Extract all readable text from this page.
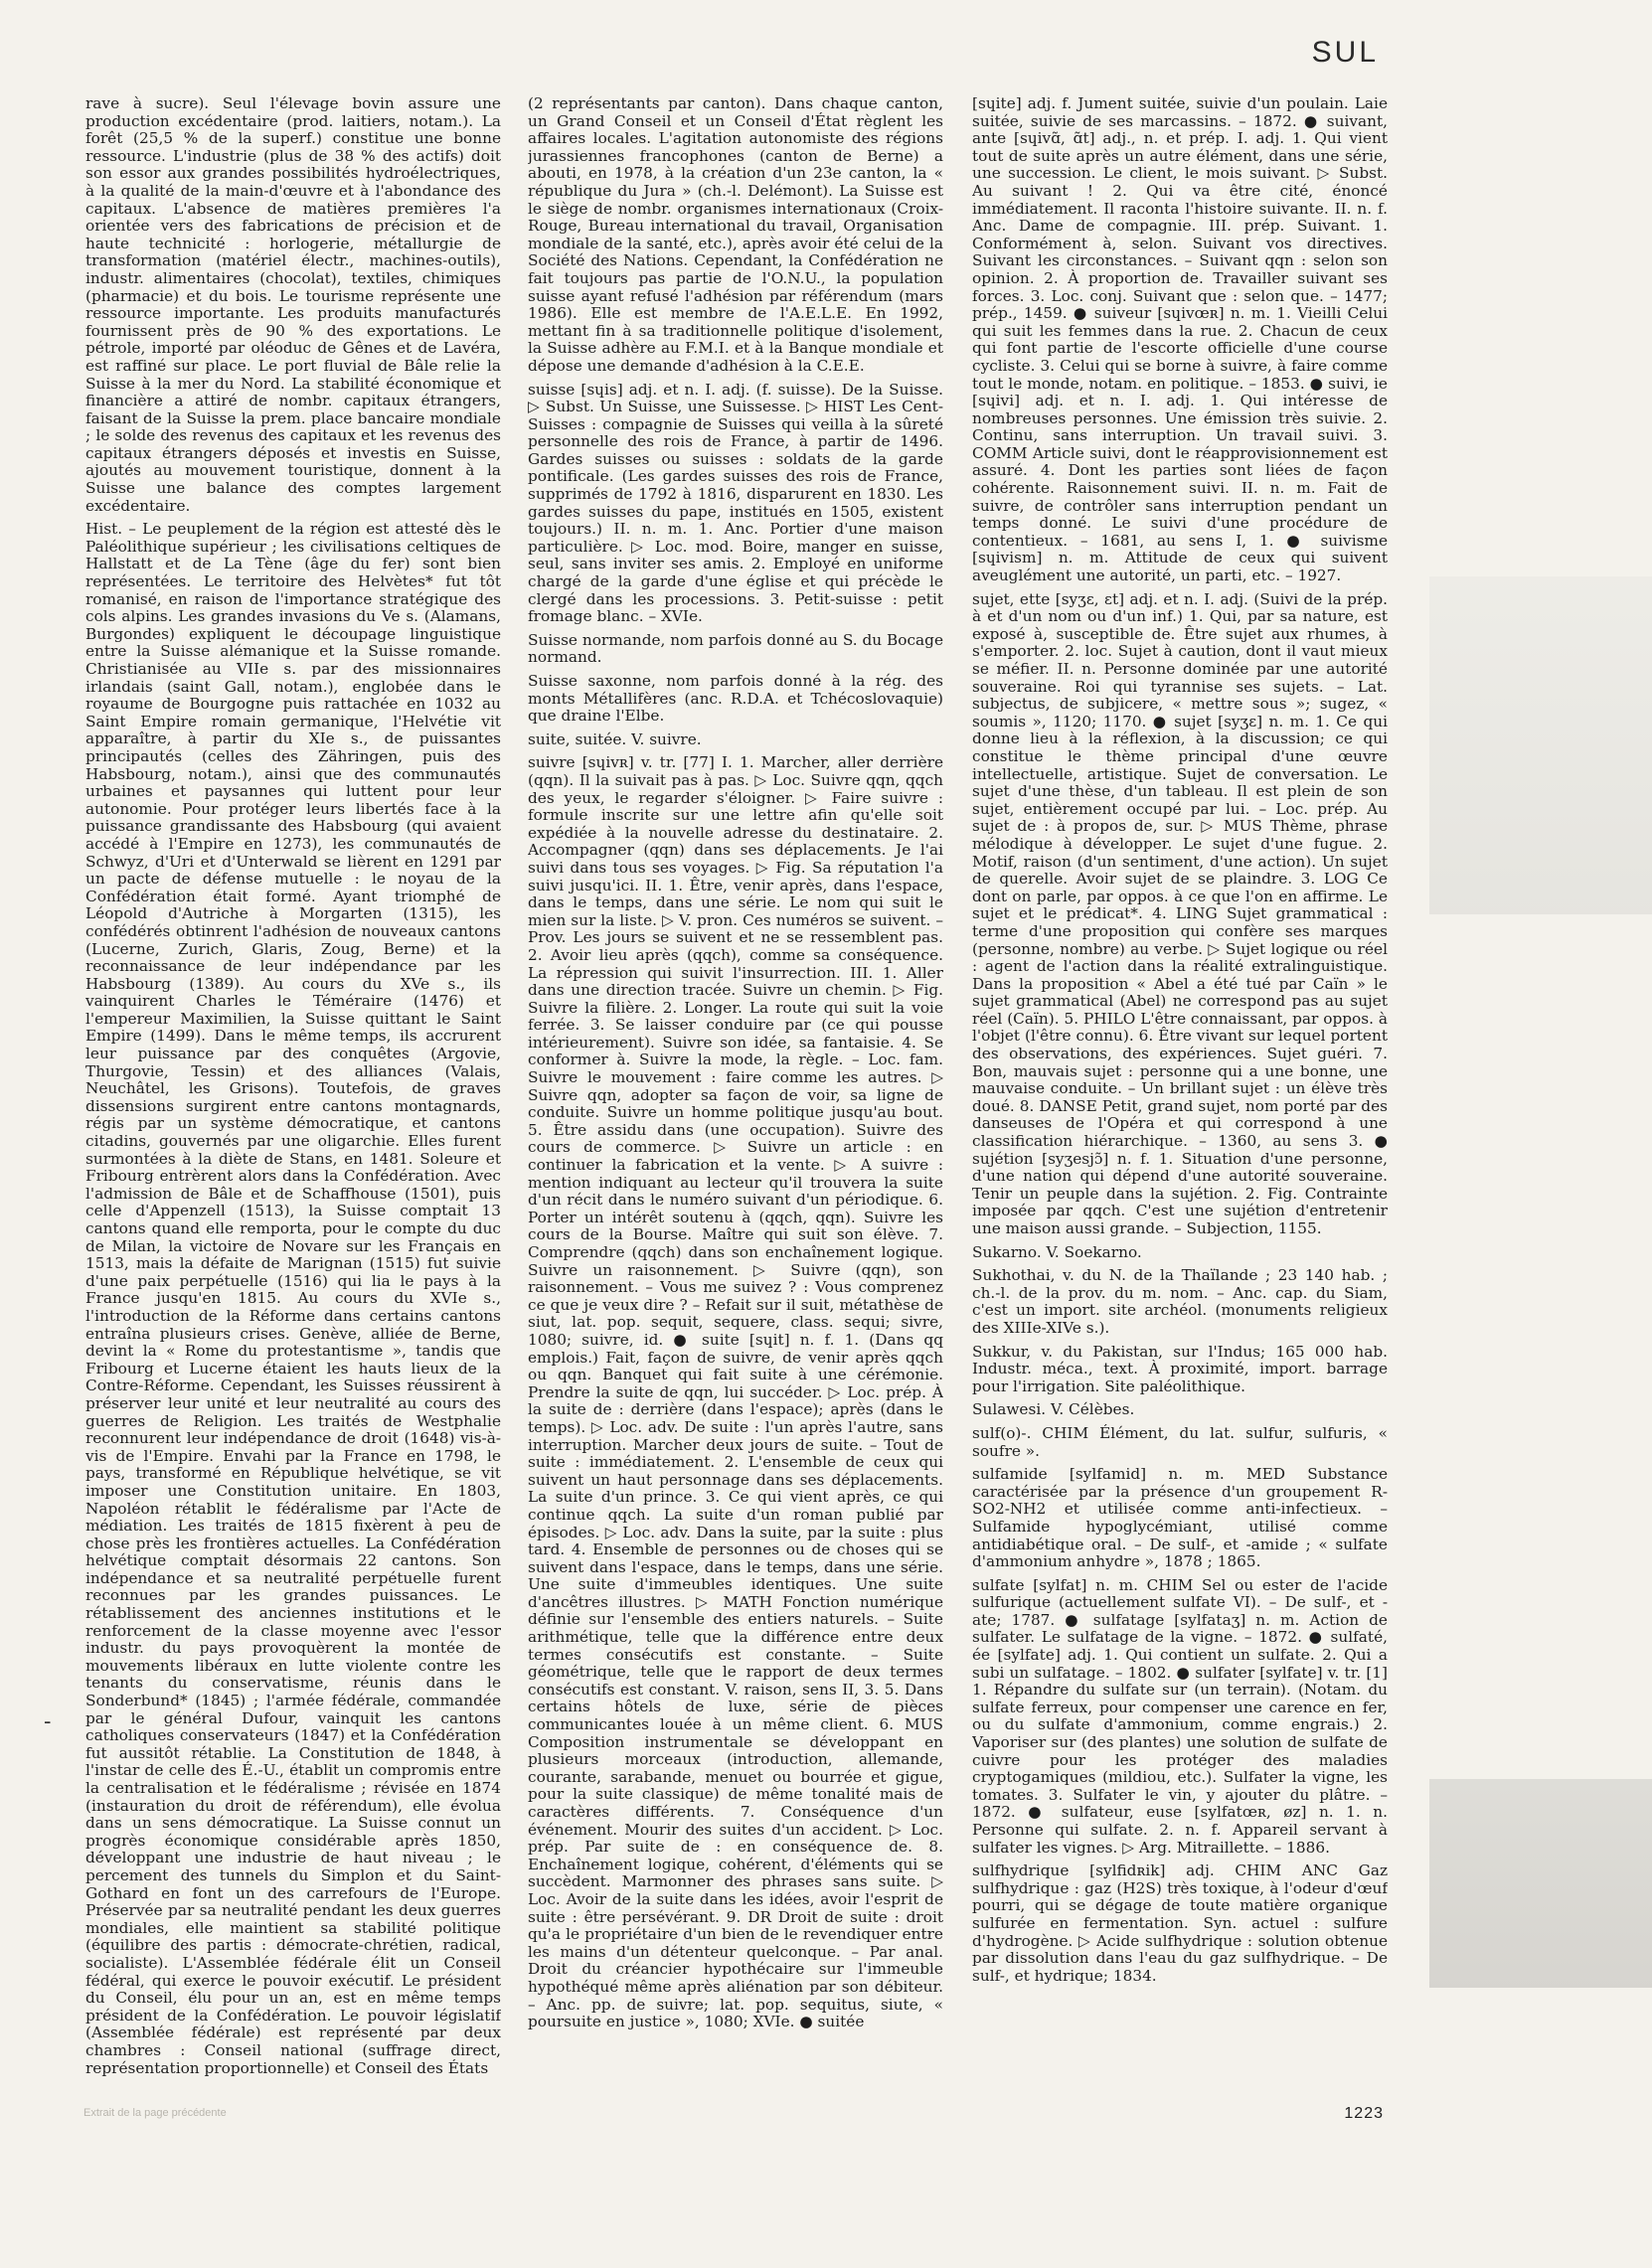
SUL
-

rave à sucre). Seul l'élevage bovin assure une production excédentaire (prod. laitiers, notam.). La forêt (25,5 % de la superf.) constitue une bonne ressource. L'industrie (plus de 38 % des actifs) doit son essor aux grandes possibilités hydroélectriques, à la qualité de la main-d'œuvre et à l'abondance des capitaux. L'absence de matières premières l'a orientée vers des fabrications de précision et de haute technicité : horlogerie, métallurgie de transformation (matériel électr., machines-outils), industr. alimentaires (chocolat), textiles, chimiques (pharmacie) et du bois. Le tourisme représente une ressource importante. Les produits manufacturés fournissent près de 90 % des exportations. Le pétrole, importé par oléoduc de Gênes et de Lavéra, est raffiné sur place. Le port fluvial de Bâle relie la Suisse à la mer du Nord. La stabilité économique et financière a attiré de nombr. capitaux étrangers, faisant de la Suisse la prem. place bancaire mondiale ; le solde des revenus des capitaux et les revenus des capitaux étrangers déposés et investis en Suisse, ajoutés au mouvement touristique, donnent à la Suisse une balance des comptes largement excédentaire.

Hist. – Le peuplement de la région est attesté dès le Paléolithique supérieur ; les civilisations celtiques de Hallstatt et de La Tène (âge du fer) sont bien représentées. Le territoire des Helvètes* fut tôt romanisé, en raison de l'importance stratégique des cols alpins. Les grandes invasions du Ve s. (Alamans, Burgondes) expliquent le découpage linguistique entre la Suisse alémanique et la Suisse romande. Christianisée au VIIe s. par des missionnaires irlandais (saint Gall, notam.), englobée dans le royaume de Bourgogne puis rattachée en 1032 au Saint Empire romain germanique, l'Helvétie vit apparaître, à partir du XIe s., de puissantes principautés (celles des Zähringen, puis des Habsbourg, notam.), ainsi que des communautés urbaines et paysannes qui luttent pour leur autonomie. Pour protéger leurs libertés face à la puissance grandissante des Habsbourg (qui avaient accédé à l'Empire en 1273), les communautés de Schwyz, d'Uri et d'Unterwald se lièrent en 1291 par un pacte de défense mutuelle : le noyau de la Confédération était formé. Ayant triomphé de Léopold d'Autriche à Morgarten (1315), les confédérés obtinrent l'adhésion de nouveaux cantons (Lucerne, Zurich, Glaris, Zoug, Berne) et la reconnaissance de leur indépendance par les Habsbourg (1389). Au cours du XVe s., ils vainquirent Charles le Téméraire (1476) et l'empereur Maximilien, la Suisse quittant le Saint Empire (1499). Dans le même temps, ils accrurent leur puissance par des conquêtes (Argovie, Thurgovie, Tessin) et des alliances (Valais, Neuchâtel, les Grisons). Toutefois, de graves dissensions surgirent entre cantons montagnards, régis par un système démocratique, et cantons citadins, gouvernés par une oligarchie. Elles furent surmontées à la diète de Stans, en 1481. Soleure et Fribourg entrèrent alors dans la Confédération. Avec l'admission de Bâle et de Schaffhouse (1501), puis celle d'Appenzell (1513), la Suisse comptait 13 cantons quand elle remporta, pour le compte du duc de Milan, la victoire de Novare sur les Français en 1513, mais la défaite de Marignan (1515) fut suivie d'une paix perpétuelle (1516) qui lia le pays à la France jusqu'en 1815. Au cours du XVIe s., l'introduction de la Réforme dans certains cantons entraîna plusieurs crises. Genève, alliée de Berne, devint la « Rome du protestantisme », tandis que Fribourg et Lucerne étaient les hauts lieux de la Contre-Réforme. Cependant, les Suisses réussirent à préserver leur unité et leur neutralité au cours des guerres de Religion. Les traités de Westphalie reconnurent leur indépendance de droit (1648) vis-à-vis de l'Empire. Envahi par la France en 1798, le pays, transformé en République helvétique, se vit imposer une Constitution unitaire. En 1803, Napoléon rétablit le fédéralisme par l'Acte de médiation. Les traités de 1815 fixèrent à peu de chose près les frontières actuelles. La Confédération helvétique comptait désormais 22 cantons. Son indépendance et sa neutralité perpétuelle furent reconnues par les grandes puissances. Le rétablissement des anciennes institutions et le renforcement de la classe moyenne avec l'essor industr. du pays provoquèrent la montée de mouvements libéraux en lutte violente contre les tenants du conservatisme, réunis dans le Sonderbund* (1845) ; l'armée fédérale, commandée par le général Dufour, vainquit les cantons catholiques conservateurs (1847) et la Confédération fut aussitôt rétablie. La Constitution de 1848, à l'instar de celle des É.-U., établit un compromis entre la centralisation et le fédéralisme ; révisée en 1874 (instauration du droit de référendum), elle évolua dans un sens démocratique. La Suisse connut un progrès économique considérable après 1850, développant une industrie de haut niveau ; le percement des tunnels du Simplon et du Saint-Gothard en font un des carrefours de l'Europe. Préservée par sa neutralité pendant les deux guerres mondiales, elle maintient sa stabilité politique (équilibre des partis : démocrate-chrétien, radical, socialiste). L'Assemblée fédérale élit un Conseil fédéral, qui exerce le pouvoir exécutif. Le président du Conseil, élu pour un an, est en même temps président de la Confédération. Le pouvoir législatif (Assemblée fédérale) est représenté par deux chambres : Conseil national (suffrage direct, représentation proportionnelle) et Conseil des États

(2 représentants par canton). Dans chaque canton, un Grand Conseil et un Conseil d'État règlent les affaires locales. L'agitation autonomiste des régions jurassiennes francophones (canton de Berne) a abouti, en 1978, à la création d'un 23e canton, la « république du Jura » (ch.-l. Delémont). La Suisse est le siège de nombr. organismes internationaux (Croix-Rouge, Bureau international du travail, Organisation mondiale de la santé, etc.), après avoir été celui de la Société des Nations. Cependant, la Confédération ne fait toujours pas partie de l'O.N.U., la population suisse ayant refusé l'adhésion par référendum (mars 1986). Elle est membre de l'A.E.L.E. En 1992, mettant fin à sa traditionnelle politique d'isolement, la Suisse adhère au F.M.I. et à la Banque mondiale et dépose une demande d'adhésion à la C.E.E.

suisse [sɥis] adj. et n. I. adj. (f. suisse). De la Suisse. ▷ Subst. Un Suisse, une Suissesse. ▷ HIST Les Cent-Suisses : compagnie de Suisses qui veilla à la sûreté personnelle des rois de France, à partir de 1496. Gardes suisses ou suisses : soldats de la garde pontificale. (Les gardes suisses des rois de France, supprimés de 1792 à 1816, disparurent en 1830. Les gardes suisses du pape, institués en 1505, existent toujours.) II. n. m. 1. Anc. Portier d'une maison particulière. ▷ Loc. mod. Boire, manger en suisse, seul, sans inviter ses amis. 2. Employé en uniforme chargé de la garde d'une église et qui précède le clergé dans les processions. 3. Petit-suisse : petit fromage blanc. – XVIe.

Suisse normande, nom parfois donné au S. du Bocage normand.

Suisse saxonne, nom parfois donné à la rég. des monts Métallifères (anc. R.D.A. et Tchécoslovaquie) que draine l'Elbe.

suite, suitée. V. suivre.

suivre [sɥivʀ] v. tr. [77] I. 1. Marcher, aller derrière (qqn). Il la suivait pas à pas. ▷ Loc. Suivre qqn, qqch des yeux, le regarder s'éloigner. ▷ Faire suivre : formule inscrite sur une lettre afin qu'elle soit expédiée à la nouvelle adresse du destinataire. 2. Accompagner (qqn) dans ses déplacements. Je l'ai suivi dans tous ses voyages. ▷ Fig. Sa réputation l'a suivi jusqu'ici. II. 1. Être, venir après, dans l'espace, dans le temps, dans une série. Le nom qui suit le mien sur la liste. ▷ V. pron. Ces numéros se suivent. – Prov. Les jours se suivent et ne se ressemblent pas. 2. Avoir lieu après (qqch), comme sa conséquence. La répression qui suivit l'insurrection. III. 1. Aller dans une direction tracée. Suivre un chemin. ▷ Fig. Suivre la filière. 2. Longer. La route qui suit la voie ferrée. 3. Se laisser conduire par (ce qui pousse intérieurement). Suivre son idée, sa fantaisie. 4. Se conformer à. Suivre la mode, la règle. – Loc. fam. Suivre le mouvement : faire comme les autres. ▷ Suivre qqn, adopter sa façon de voir, sa ligne de conduite. Suivre un homme politique jusqu'au bout. 5. Être assidu dans (une occupation). Suivre des cours de commerce. ▷ Suivre un article : en continuer la fabrication et la vente. ▷ A suivre : mention indiquant au lecteur qu'il trouvera la suite d'un récit dans le numéro suivant d'un périodique. 6. Porter un intérêt soutenu à (qqch, qqn). Suivre les cours de la Bourse. Maître qui suit son élève. 7. Comprendre (qqch) dans son enchaînement logique. Suivre un raisonnement. ▷ Suivre (qqn), son raisonnement. – Vous me suivez ? : Vous comprenez ce que je veux dire ? – Refait sur il suit, métathèse de siut, lat. pop. sequit, sequere, class. sequi; sivre, 1080; suivre, id. ● suite [sɥit] n. f. 1. (Dans qq emplois.) Fait, façon de suivre, de venir après qqch ou qqn. Banquet qui fait suite à une cérémonie. Prendre la suite de qqn, lui succéder. ▷ Loc. prép. À la suite de : derrière (dans l'espace); après (dans le temps). ▷ Loc. adv. De suite : l'un après l'autre, sans interruption. Marcher deux jours de suite. – Tout de suite : immédiatement. 2. L'ensemble de ceux qui suivent un haut personnage dans ses déplacements. La suite d'un prince. 3. Ce qui vient après, ce qui continue qqch. La suite d'un roman publié par épisodes. ▷ Loc. adv. Dans la suite, par la suite : plus tard. 4. Ensemble de personnes ou de choses qui se suivent dans l'espace, dans le temps, dans une série. Une suite d'immeubles identiques. Une suite d'ancêtres illustres. ▷ MATH Fonction numérique définie sur l'ensemble des entiers naturels. – Suite arithmétique, telle que la différence entre deux termes consécutifs est constante. – Suite géométrique, telle que le rapport de deux termes consécutifs est constant. V. raison, sens II, 3. 5. Dans certains hôtels de luxe, série de pièces communicantes louée à un même client. 6. MUS Composition instrumentale se développant en plusieurs morceaux (introduction, allemande, courante, sarabande, menuet ou bourrée et gigue, pour la suite classique) de même tonalité mais de caractères différents. 7. Conséquence d'un événement. Mourir des suites d'un accident. ▷ Loc. prép. Par suite de : en conséquence de. 8. Enchaînement logique, cohérent, d'éléments qui se succèdent. Marmonner des phrases sans suite. ▷ Loc. Avoir de la suite dans les idées, avoir l'esprit de suite : être persévérant. 9. DR Droit de suite : droit qu'a le propriétaire d'un bien de le revendiquer entre les mains d'un détenteur quelconque. – Par anal. Droit du créancier hypothécaire sur l'immeuble hypothéqué même après aliénation par son débiteur. – Anc. pp. de suivre; lat. pop. sequitus, siute, « poursuite en justice », 1080; XVIe. ● suitée

[sɥite] adj. f. Jument suitée, suivie d'un poulain. Laie suitée, suivie de ses marcassins. – 1872. ● suivant, ante [sɥivɑ̃, ɑ̃t] adj., n. et prép. I. adj. 1. Qui vient tout de suite après un autre élément, dans une série, une succession. Le client, le mois suivant. ▷ Subst. Au suivant ! 2. Qui va être cité, énoncé immédiatement. Il raconta l'histoire suivante. II. n. f. Anc. Dame de compagnie. III. prép. Suivant. 1. Conformément à, selon. Suivant vos directives. Suivant les circonstances. – Suivant qqn : selon son opinion. 2. À proportion de. Travailler suivant ses forces. 3. Loc. conj. Suivant que : selon que. – 1477; prép., 1459. ● suiveur [sɥivœʀ] n. m. 1. Vieilli Celui qui suit les femmes dans la rue. 2. Chacun de ceux qui font partie de l'escorte officielle d'une course cycliste. 3. Celui qui se borne à suivre, à faire comme tout le monde, notam. en politique. – 1853. ● suivi, ie [sɥivi] adj. et n. I. adj. 1. Qui intéresse de nombreuses personnes. Une émission très suivie. 2. Continu, sans interruption. Un travail suivi. 3. COMM Article suivi, dont le réapprovisionnement est assuré. 4. Dont les parties sont liées de façon cohérente. Raisonnement suivi. II. n. m. Fait de suivre, de contrôler sans interruption pendant un temps donné. Le suivi d'une procédure de contentieux. – 1681, au sens I, 1. ● suivisme [sɥivism] n. m. Attitude de ceux qui suivent aveuglément une autorité, un parti, etc. – 1927.

sujet, ette [syʒɛ, ɛt] adj. et n. I. adj. (Suivi de la prép. à et d'un nom ou d'un inf.) 1. Qui, par sa nature, est exposé à, susceptible de. Être sujet aux rhumes, à s'emporter. 2. loc. Sujet à caution, dont il vaut mieux se méfier. II. n. Personne dominée par une autorité souveraine. Roi qui tyrannise ses sujets. – Lat. subjectus, de subjicere, « mettre sous »; sugez, « soumis », 1120; 1170. ● sujet [syʒɛ] n. m. 1. Ce qui donne lieu à la réflexion, à la discussion; ce qui constitue le thème principal d'une œuvre intellectuelle, artistique. Sujet de conversation. Le sujet d'une thèse, d'un tableau. Il est plein de son sujet, entièrement occupé par lui. – Loc. prép. Au sujet de : à propos de, sur. ▷ MUS Thème, phrase mélodique à développer. Le sujet d'une fugue. 2. Motif, raison (d'un sentiment, d'une action). Un sujet de querelle. Avoir sujet de se plaindre. 3. LOG Ce dont on parle, par oppos. à ce que l'on en affirme. Le sujet et le prédicat*. 4. LING Sujet grammatical : terme d'une proposition qui confère ses marques (personne, nombre) au verbe. ▷ Sujet logique ou réel : agent de l'action dans la réalité extralinguistique. Dans la proposition « Abel a été tué par Caïn » le sujet grammatical (Abel) ne correspond pas au sujet réel (Caïn). 5. PHILO L'être connaissant, par oppos. à l'objet (l'être connu). 6. Être vivant sur lequel portent des observations, des expériences. Sujet guéri. 7. Bon, mauvais sujet : personne qui a une bonne, une mauvaise conduite. – Un brillant sujet : un élève très doué. 8. DANSE Petit, grand sujet, nom porté par des danseuses de l'Opéra et qui correspond à une classification hiérarchique. – 1360, au sens 3. ● sujétion [syʒesjɔ̃] n. f. 1. Situation d'une personne, d'une nation qui dépend d'une autorité souveraine. Tenir un peuple dans la sujétion. 2. Fig. Contrainte imposée par qqch. C'est une sujétion d'entretenir une maison aussi grande. – Subjection, 1155.

Sukarno. V. Soekarno.

Sukhothai, v. du N. de la Thaïlande ; 23 140 hab. ; ch.-l. de la prov. du m. nom. – Anc. cap. du Siam, c'est un import. site archéol. (monuments religieux des XIIIe-XIVe s.).

Sukkur, v. du Pakistan, sur l'Indus; 165 000 hab. Industr. méca., text. À proximité, import. barrage pour l'irrigation. Site paléolithique.

Sulawesi. V. Célèbes.

sulf(o)-. CHIM Élément, du lat. sulfur, sulfuris, « soufre ».

sulfamide [sylfamid] n. m. MED Substance caractérisée par la présence d'un groupement R-SO2-NH2 et utilisée comme anti-infectieux. – Sulfamide hypoglycémiant, utilisé comme antidiabétique oral. – De sulf-, et -amide ; « sulfate d'ammonium anhydre », 1878 ; 1865.

sulfate [sylfat] n. m. CHIM Sel ou ester de l'acide sulfurique (actuellement sulfate VI). – De sulf-, et -ate; 1787. ● sulfatage [sylfataʒ] n. m. Action de sulfater. Le sulfatage de la vigne. – 1872. ● sulfaté, ée [sylfate] adj. 1. Qui contient un sulfate. 2. Qui a subi un sulfatage. – 1802. ● sulfater [sylfate] v. tr. [1] 1. Répandre du sulfate sur (un terrain). (Notam. du sulfate ferreux, pour compenser une carence en fer, ou du sulfate d'ammonium, comme engrais.) 2. Vaporiser sur (des plantes) une solution de sulfate de cuivre pour les protéger des maladies cryptogamiques (mildiou, etc.). Sulfater la vigne, les tomates. 3. Sulfater le vin, y ajouter du plâtre. – 1872. ● sulfateur, euse [sylfatœʀ, øz] n. 1. n. Personne qui sulfate. 2. n. f. Appareil servant à sulfater les vignes. ▷ Arg. Mitraillette. – 1886.

sulfhydrique [sylfidʀik] adj. CHIM ANC Gaz sulfhydrique : gaz (H2S) très toxique, à l'odeur d'œuf pourri, qui se dégage de toute matière organique sulfurée en fermentation. Syn. actuel : sulfure d'hydrogène. ▷ Acide sulfhydrique : solution obtenue par dissolution dans l'eau du gaz sulfhydrique. – De sulf-, et hydrique; 1834.

Extrait de la page précédente	1223
